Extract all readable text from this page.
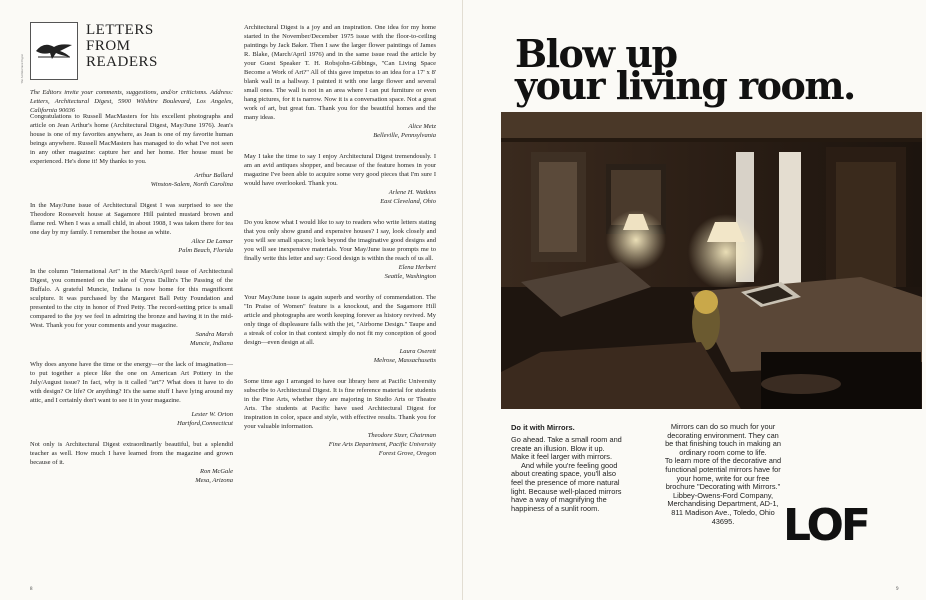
The Architectural Digest
LETTERS
FROM
READERS
The Editors invite your comments, suggestions, and/or criticisms. Address: Letters, Architectural Digest, 5900 Wilshire Boulevard, Los Angeles, California 90036

Congratulations to Russell MacMasters for his excellent photographs and article on Jean Arthur's home (Architectural Digest, May/June 1976). Jean's house is one of my favorites anywhere, as Jean is one of my favorite human beings anywhere. Russell MacMasters has managed to do what I've not seen in any other magazine: capture her and her home. Her house must be experienced. He's done it! My thanks to you.

Arthur Ballard
Winston-Salem, North Carolina

In the May/June issue of Architectural Digest I was surprised to see the Theodore Roosevelt house at Sagamore Hill painted mustard brown and flame red. When I was a small child, in about 1908, I was taken there for tea one day by my family. I remember the house as white.

Alice De Lamar
Palm Beach, Florida

In the column "International Art" in the March/April issue of Architectural Digest, you commented on the sale of Cyrus Dallin's The Passing of the Buffalo. A grateful Muncie, Indiana is now home for this magnificent sculpture. It was purchased by the Margaret Ball Petty Foundation and presented to the city in honor of Fred Petty. The record-setting price is small compared to the joy we feel in admiring the bronze and having it in the mid-West. Thank you for your comments and your magazine.

Sandra Marsh
Muncie, Indiana

Why does anyone have the time or the energy—or the lack of imagination—to put together a piece like the one on American Art Pottery in the July/August issue? In fact, why is it called "art"? What does it have to do with design? Or life? Or anything? It's the same stuff I have lying around my attic, and I certainly don't want to see it in your magazine.

Lester W. Orton
Hartford,Connecticut

Not only is Architectural Digest extraordinarily beautiful, but a splendid teacher as well. How much I have learned from the magazine and grown because of it.

Ron McGale
Mesa, Arizona

Architectural Digest is a joy and an inspiration. One idea for my home started in the November/December 1975 issue with the floor-to-ceiling paintings by Jack Baker. Then I saw the larger flower paintings of James R. Blake, (March/April 1976) and in the same issue read the article by your Guest Speaker T. H. Robsjohn-Gibbings, "Can Living Space Become a Work of Art?" All of this gave impetus to an idea for a 17' x 8' blank wall in a hallway. I painted it with one large flower and several small ones. The wall is not in an area where I can put furniture or even hang pictures, for it is narrow. Now it is a conversation space. Not a great work of art, but great fun. Thank you for the beautiful homes and the many ideas.

Alice Metz
Belleville, Pennsylvania

May I take the time to say I enjoy Architectural Digest tremendously. I am an avid antiques shopper, and because of the feature homes in your magazine I've been able to acquire some very good pieces that I'm sure I would have overlooked. Thank you.

Arlene H. Watkins
East Cleveland, Ohio

Do you know what I would like to say to readers who write letters stating that you only show grand and expensive houses? I say, look closely and you will see small spaces; look beyond the imaginative good designs and you will see inexpensive materials. Your May/June issue prompts me to finally write this letter and say: Good design is within the reach of us all.

Elena Herbert
Seattle, Washington

Your May/June issue is again superb and worthy of commendation. The "In Praise of Women" feature is a knockout, and the Sagamore Hill article and photographs are worth keeping forever as history revived. My only tinge of displeasure falls with the jet, "Airborne Design." Taupe and a streak of color in that context simply do not fit my conception of good design—even design at all.

Laura Oserett
Melrose, Massachusetts

Some time ago I arranged to have our library here at Pacific University subscribe to Architectural Digest. It is fine reference material for students in the Fine Arts, whether they are majoring in Studio Arts or Theatre Arts. The students at Pacific have used Architectural Digest for inspiration in color, space and style, with effective results. Thank you for your valuable information.

Theodore Sizer, Chairman
Fine Arts Department, Pacific University
Forest Grove, Oregon
8
Blow up
your living room.
Do it with Mirrors.

Go ahead. Take a small room and create an illusion. Blow it up. Make it feel larger with mirrors.

And while you're feeling good about creating space, you'll also feel the presence of more natural light. Because well-placed mirrors have a way of magnifying the happiness of a sunlit room.

Mirrors can do so much for your decorating environment. They can be that finishing touch in making an ordinary room come to life.

To learn more of the decorative and functional potential mirrors have for your home, write for our free brochure "Decorating with Mirrors." Libbey-Owens-Ford Company, Merchandising Department, AD-1, 811 Madison Ave., Toledo, Ohio 43695.	LOF
9
